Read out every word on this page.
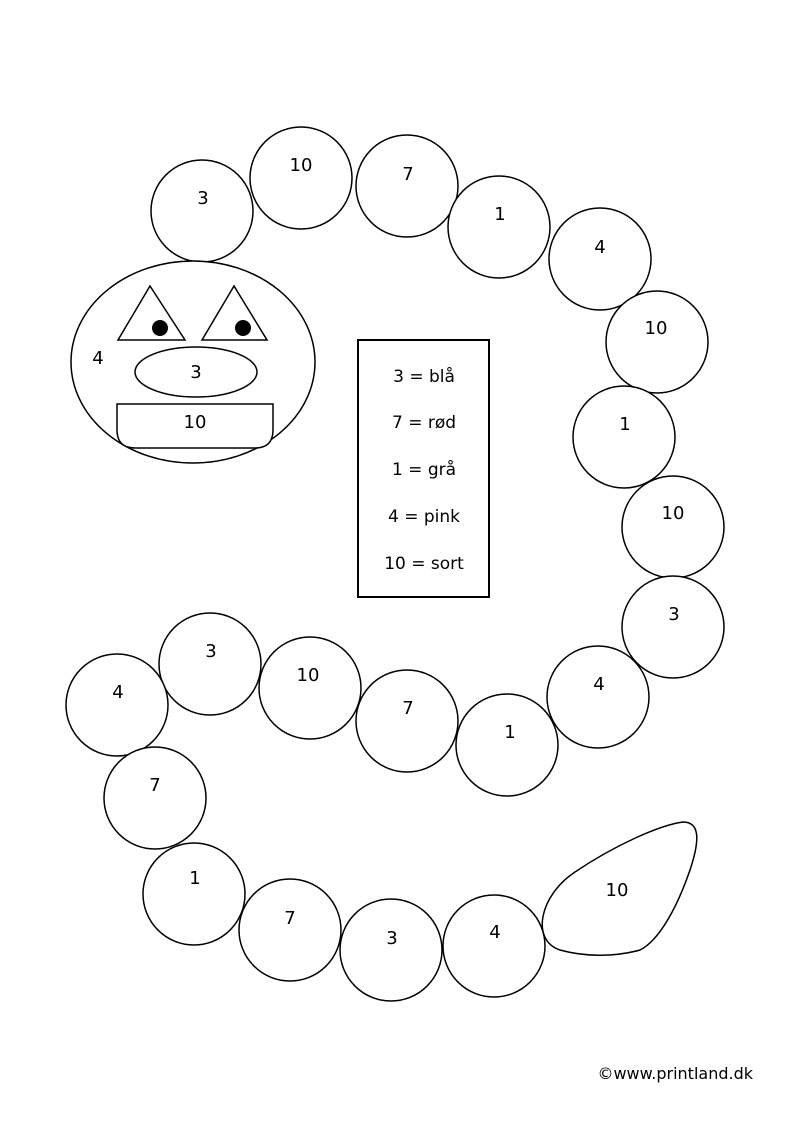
3
10	7
1
4
10
1
10
3
4
1
7
10
3
4
7
1
7
3	4
10
4
3
10
3 = blå
7 = rød
1 = grå
4 = pink
10 = sort
©www.printland.dk
